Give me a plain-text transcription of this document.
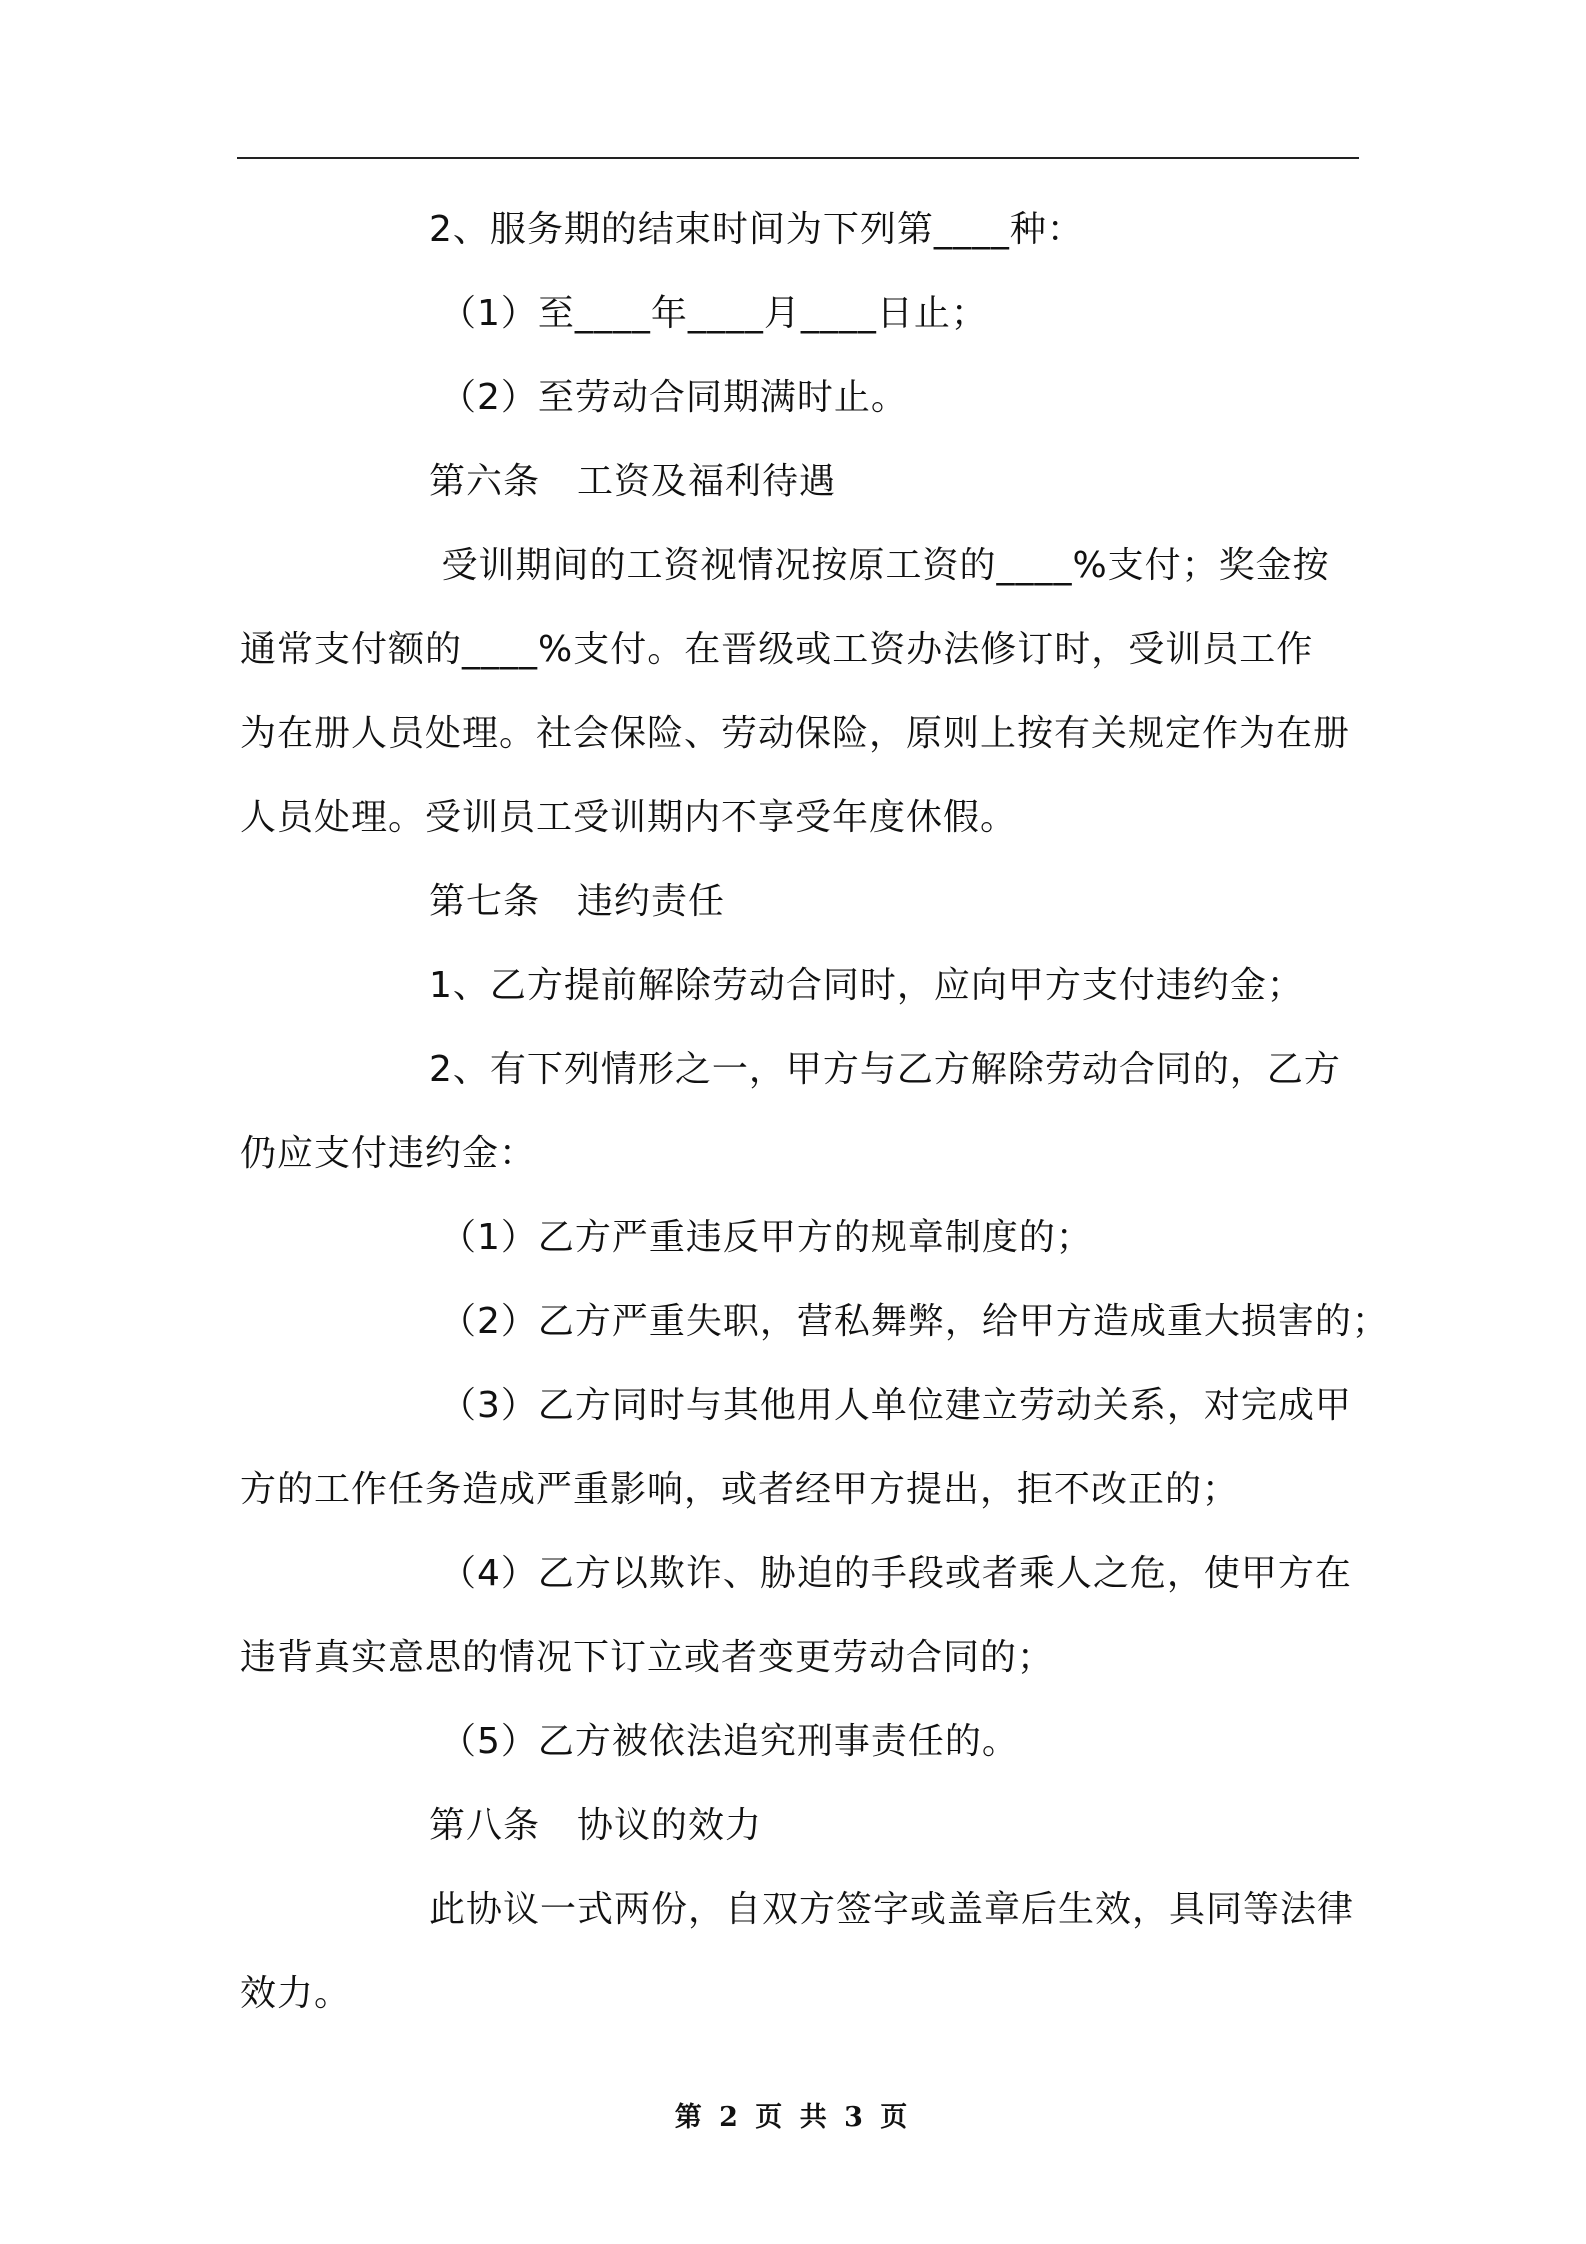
2、服务期的结束时间为下列第____种：
（1）至____年____月____日止；
（2）至劳动合同期满时止。
第六条　工资及福利待遇
受训期间的工资视情况按原工资的____%支付；奖金按
通常支付额的____%支付。在晋级或工资办法修订时，受训员工作
为在册人员处理。社会保险、劳动保险，原则上按有关规定作为在册
人员处理。受训员工受训期内不享受年度休假。
第七条　违约责任
1、乙方提前解除劳动合同时，应向甲方支付违约金；
2、有下列情形之一，甲方与乙方解除劳动合同的，乙方
仍应支付违约金：
（1）乙方严重违反甲方的规章制度的；
（2）乙方严重失职，营私舞弊，给甲方造成重大损害的；
（3）乙方同时与其他用人单位建立劳动关系，对完成甲
方的工作任务造成严重影响，或者经甲方提出，拒不改正的；
（4）乙方以欺诈、胁迫的手段或者乘人之危，使甲方在
违背真实意思的情况下订立或者变更劳动合同的；
（5）乙方被依法追究刑事责任的。
第八条　协议的效力
此协议一式两份，自双方签字或盖章后生效，具同等法律
效力。
第 2 页 共 3 页
